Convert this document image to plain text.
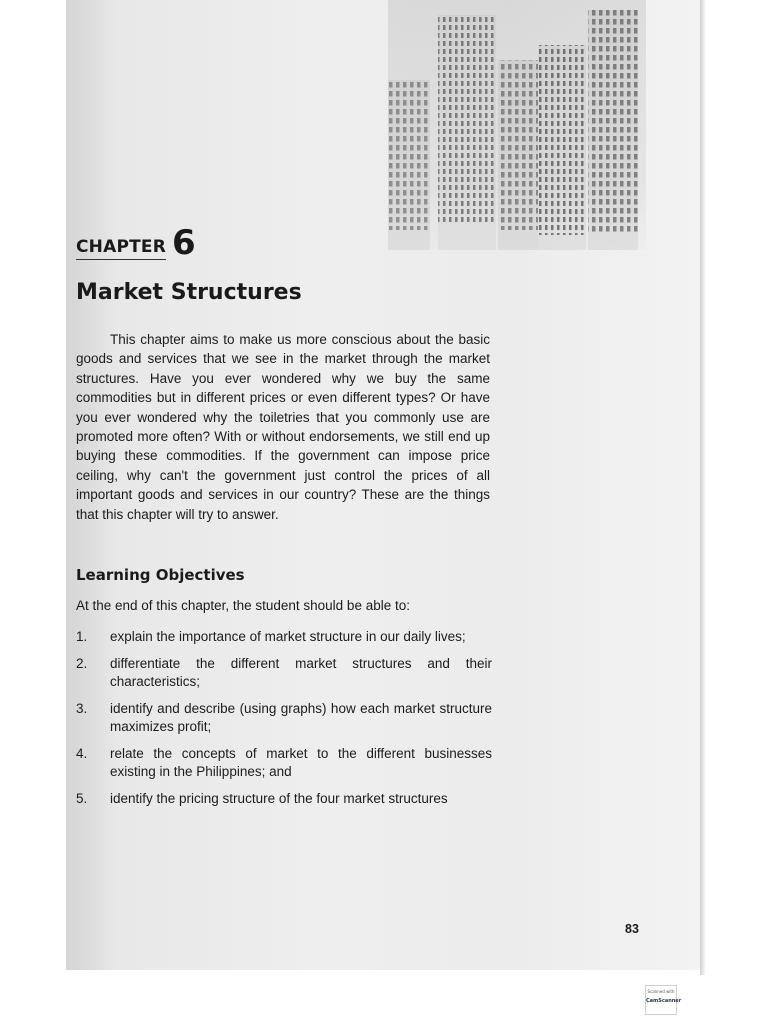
CHAPTER 6
Market Structures

This chapter aims to make us more conscious about the basic goods and services that we see in the market through the market structures. Have you ever wondered why we buy the same commodities but in different prices or even different types? Or have you ever wondered why the toiletries that you commonly use are promoted more often? With or without endorsements, we still end up buying these commodities. If the government can impose price ceiling, why can't the government just control the prices of all important goods and services in our country? These are the things that this chapter will try to answer.

Learning Objectives
At the end of this chapter, the student should be able to:
1.	explain the importance of market structure in our daily lives;
2.	differentiate the different market structures and their characteristics;
3.	identify and describe (using graphs) how each market structure maximizes profit;
4.	relate the concepts of market to the different businesses existing in the Philippines; and
5.	identify the pricing structure of the four market structures
83
Scanned with
CamScanner
